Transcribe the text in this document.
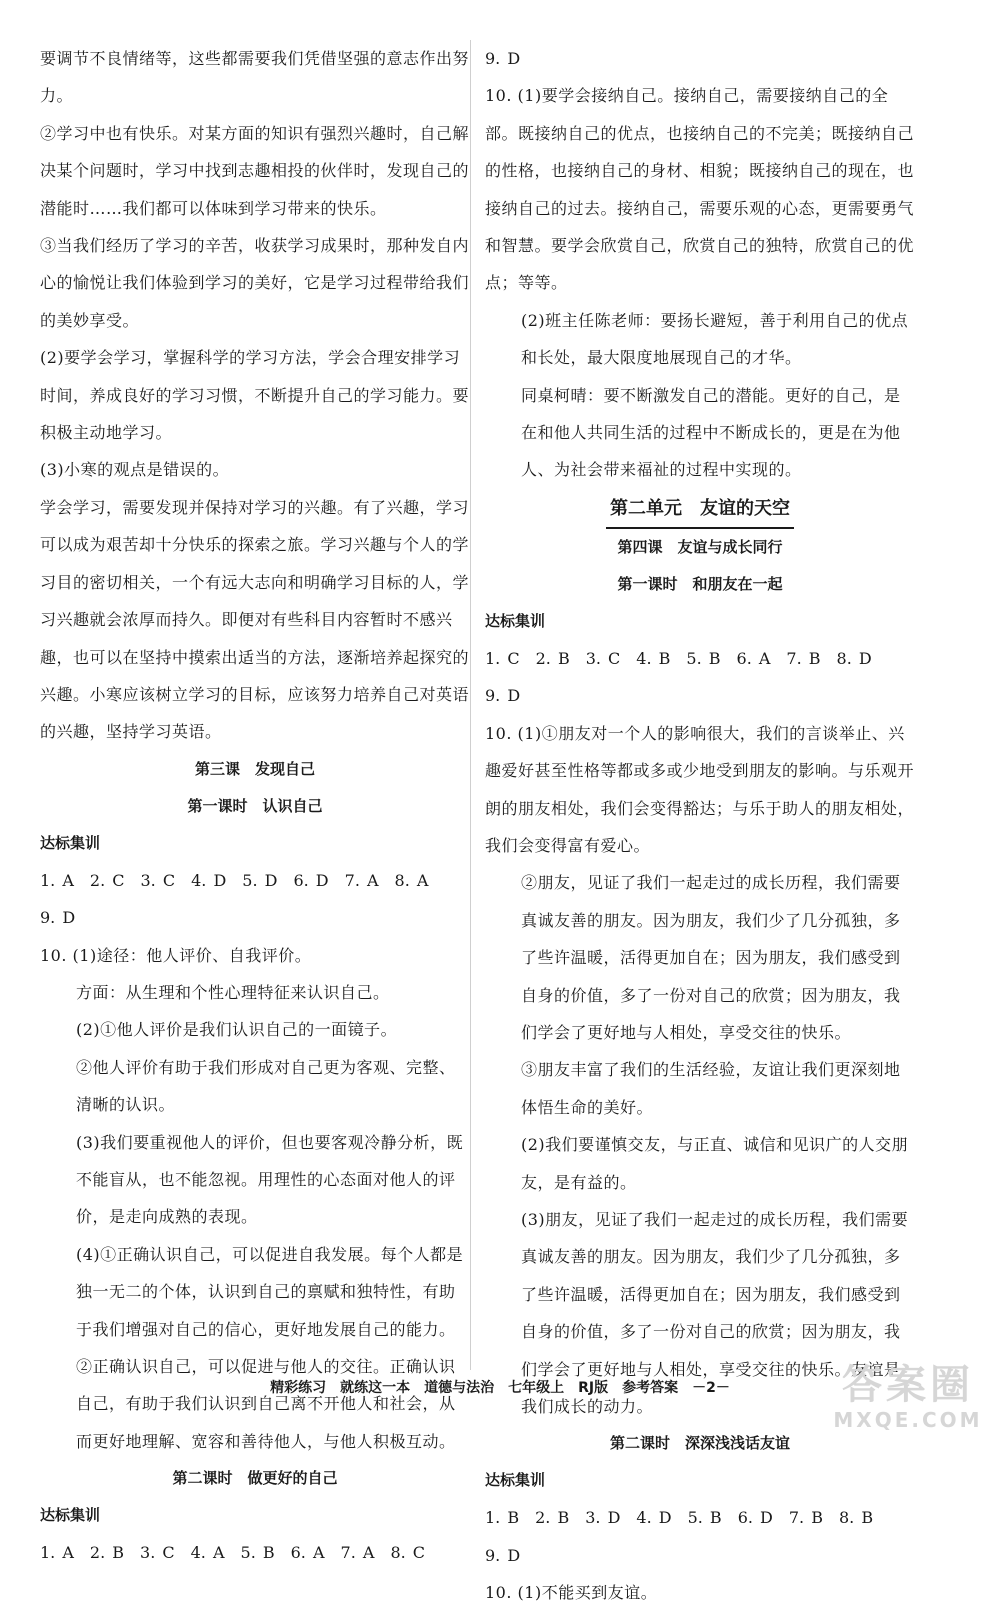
要调节不良情绪等，这些都需要我们凭借坚强的意志作出努力。

②学习中也有快乐。对某方面的知识有强烈兴趣时，自己解决某个问题时，学习中找到志趣相投的伙伴时，发现自己的潜能时……我们都可以体味到学习带来的快乐。

③当我们经历了学习的辛苦，收获学习成果时，那种发自内心的愉悦让我们体验到学习的美好，它是学习过程带给我们的美妙享受。

(2)要学会学习，掌握科学的学习方法，学会合理安排学习时间，养成良好的学习习惯，不断提升自己的学习能力。要积极主动地学习。

(3)小寒的观点是错误的。

学会学习，需要发现并保持对学习的兴趣。有了兴趣，学习可以成为艰苦却十分快乐的探索之旅。学习兴趣与个人的学习目的密切相关，一个有远大志向和明确学习目标的人，学习兴趣就会浓厚而持久。即便对有些科目内容暂时不感兴趣，也可以在坚持中摸索出适当的方法，逐渐培养起探究的兴趣。小寒应该树立学习的目标，应该努力培养自己对英语的兴趣，坚持学习英语。

第三课　发现自己

第一课时　认识自己

达标集训

1. A　2. C　3. C　4. D　5. D　6. D　7. A　8. A

9. D

10. (1)途径：他人评价、自我评价。

方面：从生理和个性心理特征来认识自己。

(2)①他人评价是我们认识自己的一面镜子。

②他人评价有助于我们形成对自己更为客观、完整、清晰的认识。

(3)我们要重视他人的评价，但也要客观冷静分析，既不能盲从，也不能忽视。用理性的心态面对他人的评价，是走向成熟的表现。

(4)①正确认识自己，可以促进自我发展。每个人都是独一无二的个体，认识到自己的禀赋和独特性，有助于我们增强对自己的信心，更好地发展自己的能力。

②正确认识自己，可以促进与他人的交往。正确认识自己，有助于我们认识到自己离不开他人和社会，从而更好地理解、宽容和善待他人，与他人积极互动。

第二课时　做更好的自己

达标集训

1. A　2. B　3. C　4. A　5. B　6. A　7. A　8. C

9. D

10. (1)要学会接纳自己。接纳自己，需要接纳自己的全部。既接纳自己的优点，也接纳自己的不完美；既接纳自己的性格，也接纳自己的身材、相貌；既接纳自己的现在，也接纳自己的过去。接纳自己，需要乐观的心态，更需要勇气和智慧。要学会欣赏自己，欣赏自己的独特，欣赏自己的优点；等等。

(2)班主任陈老师：要扬长避短，善于利用自己的优点和长处，最大限度地展现自己的才华。

同桌柯晴：要不断激发自己的潜能。更好的自己，是在和他人共同生活的过程中不断成长的，更是在为他人、为社会带来福祉的过程中实现的。

第二单元　友谊的天空

第四课　友谊与成长同行

第一课时　和朋友在一起

达标集训

1. C　2. B　3. C　4. B　5. B　6. A　7. B　8. D

9. D

10. (1)①朋友对一个人的影响很大，我们的言谈举止、兴趣爱好甚至性格等都或多或少地受到朋友的影响。与乐观开朗的朋友相处，我们会变得豁达；与乐于助人的朋友相处，我们会变得富有爱心。

②朋友，见证了我们一起走过的成长历程，我们需要真诚友善的朋友。因为朋友，我们少了几分孤独，多了些许温暖，活得更加自在；因为朋友，我们感受到自身的价值，多了一份对自己的欣赏；因为朋友，我们学会了更好地与人相处，享受交往的快乐。

③朋友丰富了我们的生活经验，友谊让我们更深刻地体悟生命的美好。

(2)我们要谨慎交友，与正直、诚信和见识广的人交朋友，是有益的。

(3)朋友，见证了我们一起走过的成长历程，我们需要真诚友善的朋友。因为朋友，我们少了几分孤独，多了些许温暖，活得更加自在；因为朋友，我们感受到自身的价值，多了一份对自己的欣赏；因为朋友，我们学会了更好地与人相处，享受交往的快乐。友谊是我们成长的动力。

第二课时　深深浅浅话友谊

达标集训

1. B　2. B　3. D　4. D　5. B　6. D　7. B　8. B

9. D

10. (1)不能买到友谊。

精彩练习　就练这一本　道德与法治　七年级上　RJ版　参考答案　－2－	答案圈
MXQE.COM
